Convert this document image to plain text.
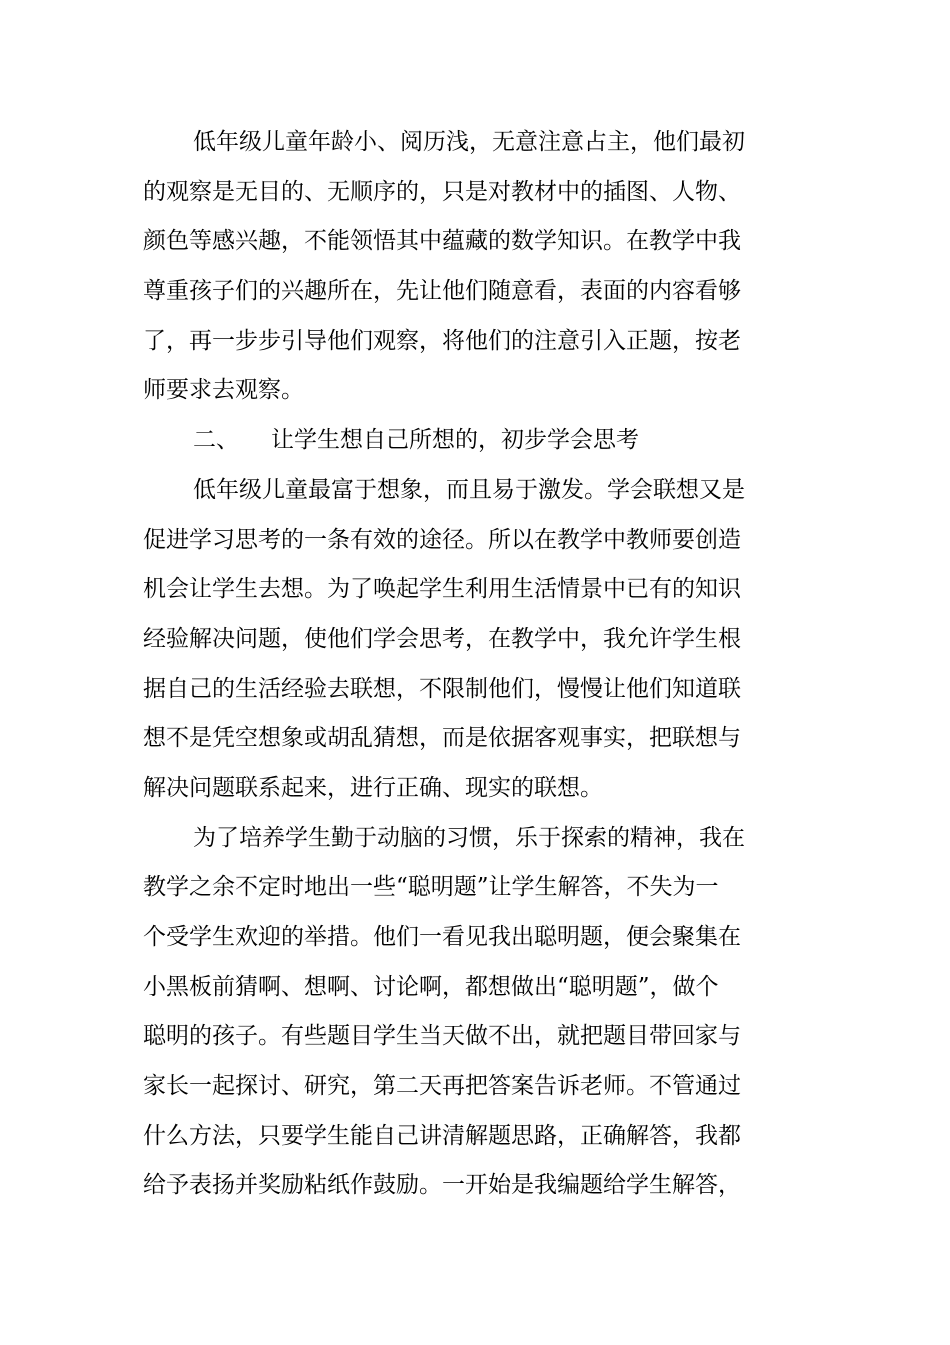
低年级儿童年龄小、阅历浅，无意注意占主，他们最初
的观察是无目的、无顺序的，只是对教材中的插图、人物、
颜色等感兴趣，不能领悟其中蕴藏的数学知识。在教学中我
尊重孩子们的兴趣所在，先让他们随意看，表面的内容看够
了，再一步步引导他们观察，将他们的注意引入正题，按老
师要求去观察。
二、 让学生想自己所想的，初步学会思考
低年级儿童最富于想象，而且易于激发。学会联想又是
促进学习思考的一条有效的途径。所以在教学中教师要创造
机会让学生去想。为了唤起学生利用生活情景中已有的知识
经验解决问题，使他们学会思考，在教学中，我允许学生根
据自己的生活经验去联想，不限制他们，慢慢让他们知道联
想不是凭空想象或胡乱猜想，而是依据客观事实，把联想与
解决问题联系起来，进行正确、现实的联想。
为了培养学生勤于动脑的习惯，乐于探索的精神，我在
教学之余不定时地出一些“聪明题”让学生解答，不失为一
个受学生欢迎的举措。他们一看见我出聪明题，便会聚集在
小黑板前猜啊、想啊、讨论啊，都想做出“聪明题”，做个
聪明的孩子。有些题目学生当天做不出，就把题目带回家与
家长一起探讨、研究，第二天再把答案告诉老师。不管通过
什么方法，只要学生能自己讲清解题思路，正确解答，我都
给予表扬并奖励粘纸作鼓励。一开始是我编题给学生解答，
